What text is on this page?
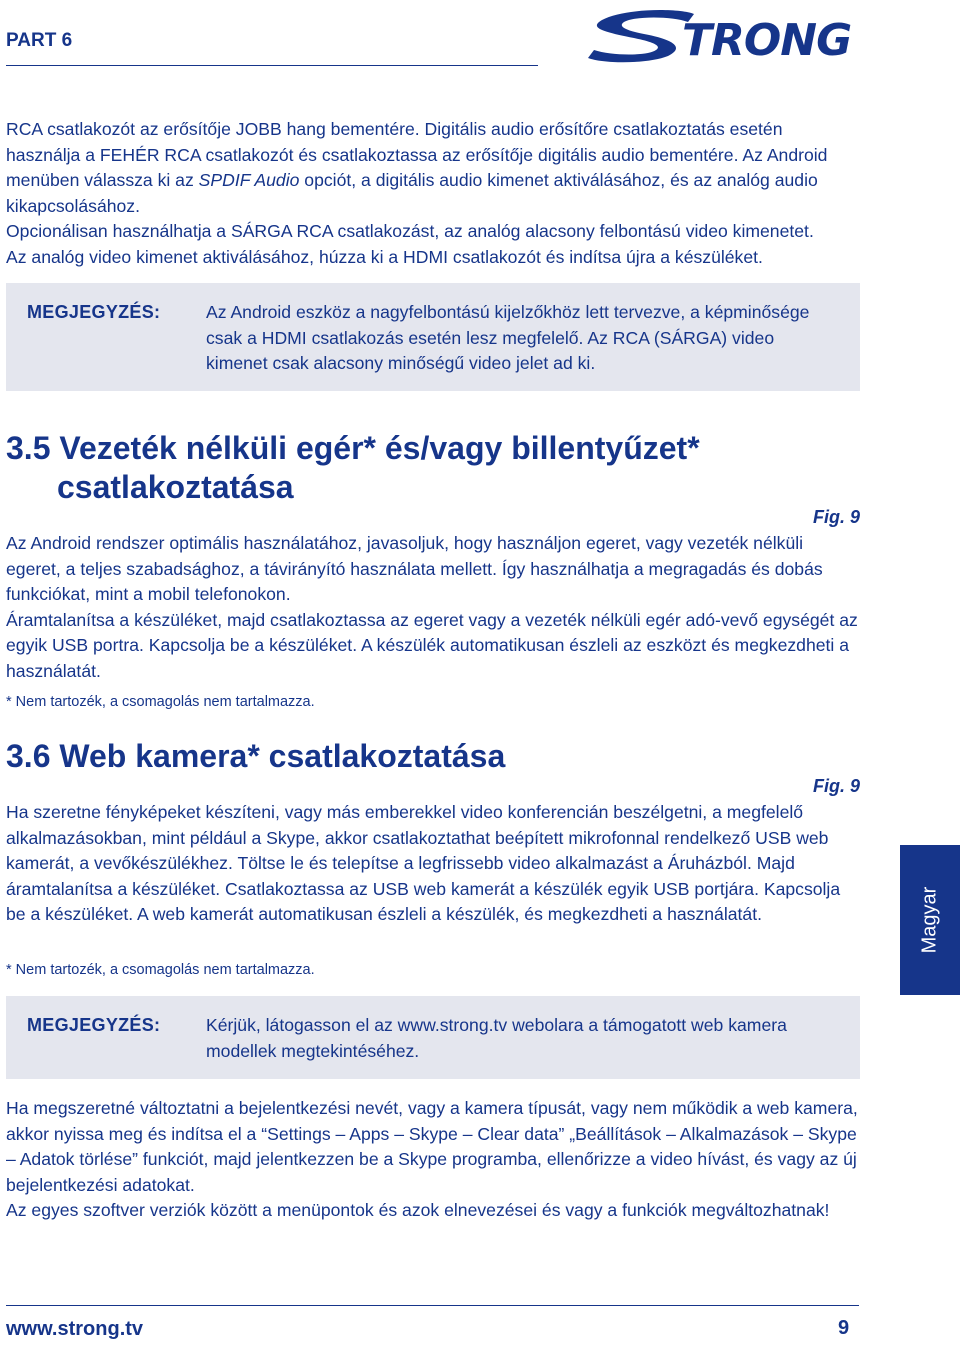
PART 6	TRONG

RCA csatlakozót az erősítője JOBB hang bementére. Digitális audio erősítőre csatlakoztatás esetén használja a FEHÉR RCA csatlakozót és csatlakoztassa az erősítője digitális audio bementére. Az Android menüben válassza ki az SPDIF Audio opciót, a digitális audio kimenet aktiválásához, és az analóg audio kikapcsolásához.

Opcionálisan használhatja a SÁRGA RCA csatlakozást, az analóg alacsony felbontású video kimenetet.

Az analóg video kimenet aktiválásához, húzza ki a HDMI csatlakozót és indítsa újra a készüléket.

MEGJEGYZÉS:	Az Android eszköz a nagyfelbontású kijelzőkhöz lett tervezve, a képminősége csak a HDMI csatlakozás esetén lesz megfelelő. Az RCA (SÁRGA) video kimenet csak alacsony minőségű video jelet ad ki.
3.5 Vezeték nélküli egér* és/vagy billentyűzet*
csatlakoztatása
Fig. 9

Az Android rendszer optimális használatához, javasoljuk, hogy használjon egeret, vagy vezeték nélküli egeret, a teljes szabadsághoz, a távirányító használata mellett. Így használhatja a megragadás és dobás funkciókat, mint a mobil telefonokon.

Áramtalanítsa a készüléket, majd csatlakoztassa az egeret vagy a vezeték nélküli egér adó-vevő egységét az egyik USB portra. Kapcsolja be a készüléket. A készülék automatikusan észleli az eszközt és megkezdheti a használatát.

* Nem tartozék, a csomagolás nem tartalmazza.
3.6 Web kamera* csatlakoztatása
Fig. 9

Ha szeretne fényképeket készíteni, vagy más emberekkel video konferencián beszélgetni, a megfelelő alkalmazásokban, mint például a Skype, akkor csatlakoztathat beépített mikrofonnal rendelkező USB web kamerát, a vevőkészülékhez. Töltse le és telepítse a legfrissebb video alkalmazást a Áruházból. Majd áramtalanítsa a készüléket. Csatlakoztassa az USB web kamerát a készülék egyik USB portjára. Kapcsolja be a készüléket. A web kamerát automatikusan észleli a készülék, és megkezdheti a használatát.

* Nem tartozék, a csomagolás nem tartalmazza.
MEGJEGYZÉS:	Kérjük, látogasson el az www.strong.tv webolara a támogatott web kamera modellek megtekintéséhez.

Ha megszeretné változtatni a bejelentkezési nevét, vagy a kamera típusát, vagy nem működik a web kamera, akkor nyissa meg és indítsa el a “Settings – Apps – Skype – Clear data” „Beállítások – Alkalmazások – Skype – Adatok törlése” funkciót, majd jelentkezzen be a Skype programba, ellenőrizze a video hívást, és vagy az új bejelentkezési adatokat.

Az egyes szoftver verziók között a menüpontok és azok elnevezései és vagy a funkciók megváltozhatnak!

Magyar
www.strong.tv	9
